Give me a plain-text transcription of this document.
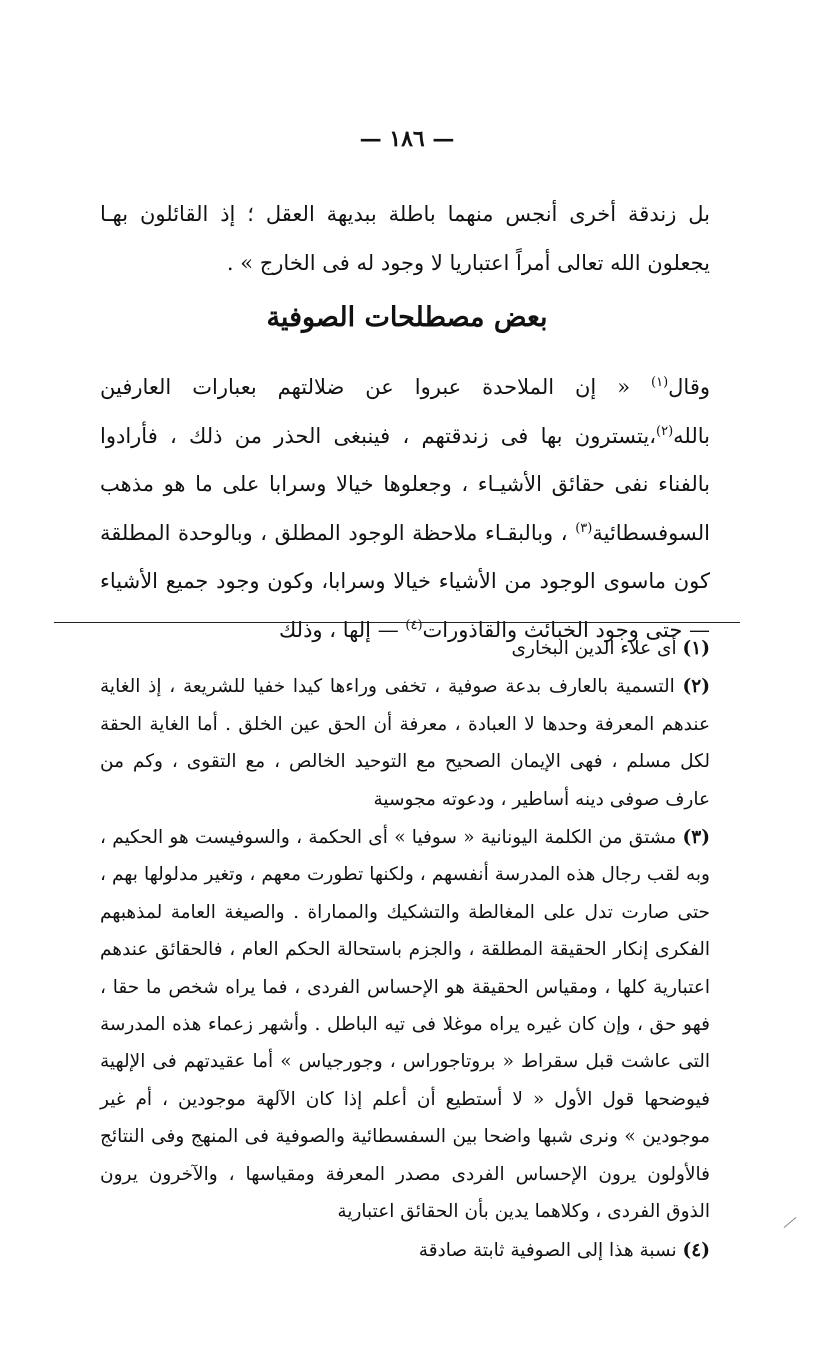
— ١٨٦ —

بل زندقة أخرى أنجس منهما باطلة ببديهة العقل ؛ إذ القائلون بهـا يجعلون الله تعالى أمراً اعتباريا لا وجود له فى الخارج » .

بعض مصطلحات الصوفية

وقال$^{(١)}$ « إن الملاحدة عبروا عن ضلالتهم بعبارات العارفين بالله$^{(٢)}$،يتسترون بها فى زندقتهم ، فينبغى الحذر من ذلك ، فأرادوا بالفناء نفى حقائق الأشيـاء ، وجعلوها خيالا وسرابا على ما هو مذهب السوفسطائية$^{(٣)}$ ، وبالبقـاء ملاحظة الوجود المطلق ، وبالوحدة المطلقة كون ماسوى الوجود من الأشياء خيالا وسرابا، وكون وجود جميع الأشياء — حتى وجود الخبائث والقاذورات$^{(٤)}$ — إلها ، وذلك

(١) أى علاء الدين البخارى

(٢) التسمية بالعارف بدعة صوفية ، تخفى وراءها كيدا خفيا للشريعة ، إذ الغاية عندهم المعرفة وحدها لا العبادة ، معرفة أن الحق عين الخلق . أما الغاية الحقة لكل مسلم ، فهى الإيمان الصحيح مع التوحيد الخالص ، مع التقوى ، وكم من عارف صوفى دينه أساطير ، ودعوته مجوسية

(٣) مشتق من الكلمة اليونانية « سوفيا » أى الحكمة ، والسوفيست هو الحكيم ، وبه لقب رجال هذه المدرسة أنفسهم ، ولكنها تطورت معهم ، وتغير مدلولها بهم ، حتى صارت تدل على المغالطة والتشكيك والمماراة . والصيغة العامة لمذهبهم الفكرى إنكار الحقيقة المطلقة ، والجزم باستحالة الحكم العام ، فالحقائق عندهم اعتبارية كلها ، ومقياس الحقيقة هو الإحساس الفردى ، فما يراه شخص ما حقا ، فهو حق ، وإن كان غيره يراه موغلا فى تيه الباطل . وأشهر زعماء هذه المدرسة التى عاشت قبل سقراط « بروتاجوراس ، وجورجياس » أما عقيدتهم فى الإلهية فيوضحها قول الأول « لا أستطيع أن أعلم إذا كان الآلهة موجودين ، أم غير موجودين » ونرى شبها واضحا بين السفسطائية والصوفية فى المنهج وفى النتائج فالأولون يرون الإحساس الفردى مصدر المعرفة ومقياسها ، والآخرون يرون الذوق الفردى ، وكلاهما يدين بأن الحقائق اعتبارية

(٤) نسبة هذا إلى الصوفية ثابتة صادقة
